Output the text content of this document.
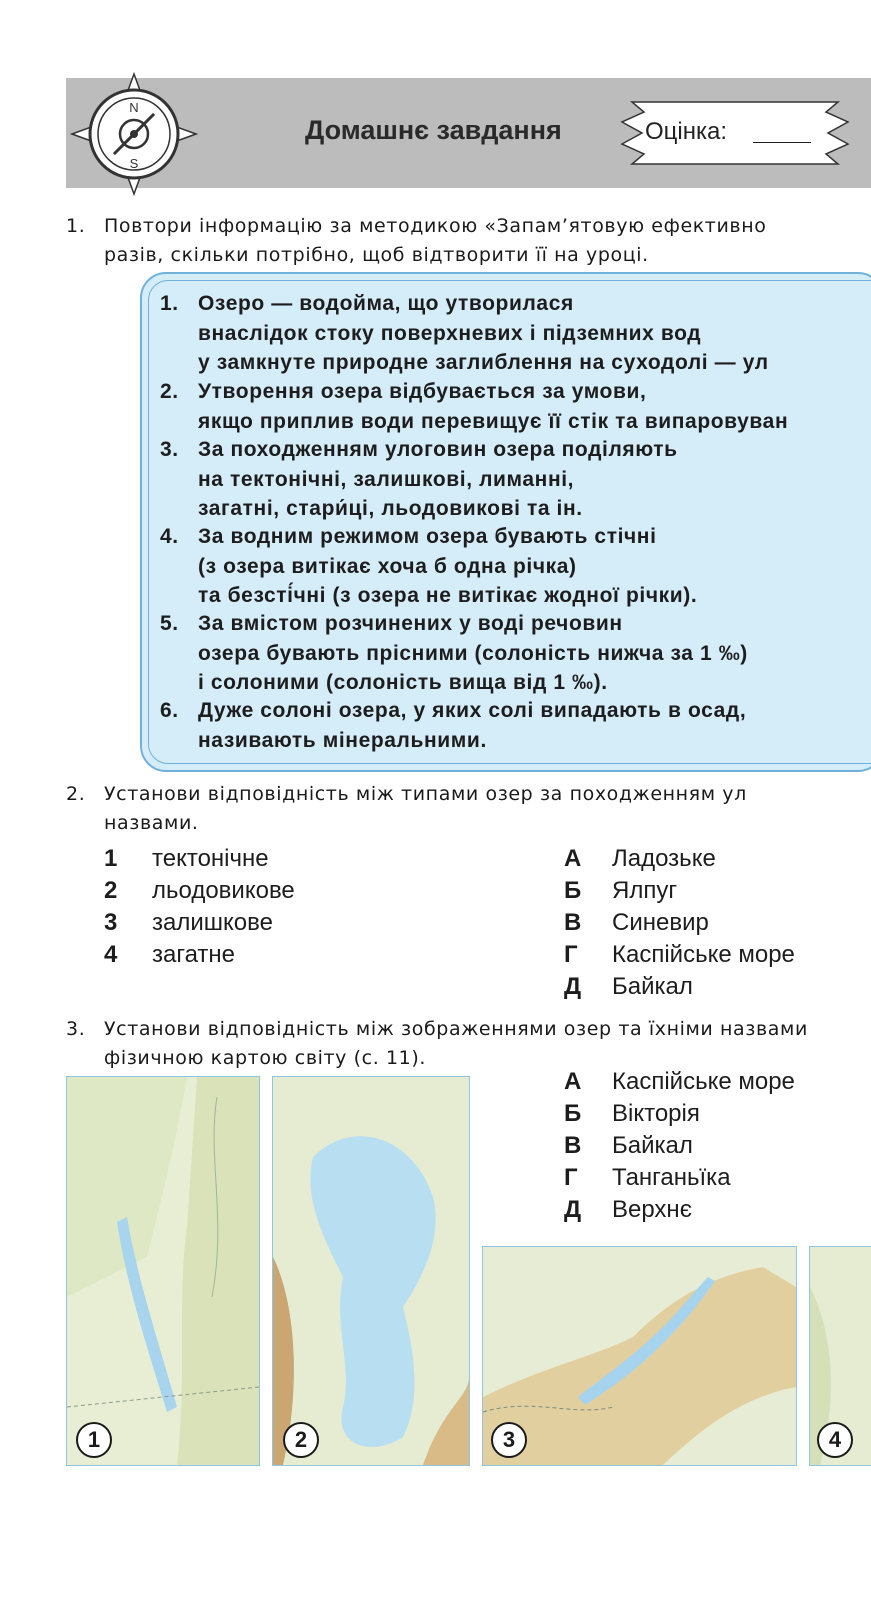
N
S
Домашнє завдання	Оцінка:
1. Повтори інформацію за методикою «Запам’ятовую ефективно
разів, скільки потрібно, щоб відтворити її на уроці.
1. Озеро — водойма, що утворилася
внаслідок стоку поверхневих і підземних вод
у замкнуте природне заглиблення на суходолі — ул
2. Утворення озера відбувається за умови,
якщо приплив води перевищує її стік та випаровуван
3. За походженням улоговин озера поділяють
на тектонічні, залишкові, лиманні,
загатні, стари́ці, льодовикові та ін.
4. За водним режимом озера бувають стічні
(з озера витікає хоча б одна річка)
та безсті́чні (з озера не витікає жодної річки).
5. За вмістом розчинених у воді речовин
озера бувають прісними (солоність нижча за 1 ‰)
і солоними (солоність вища від 1 ‰).
6. Дуже солоні озера, у яких солі випадають в осад,
називають мінеральними.
2. Установи відповідність між типами озер за походженням ул
назвами.
1 тектонічне
2 льодовикове
3 залишкове
4 загатне
А Ладозьке
Б Ялпуг
В Синевир
Г Каспійське море
Д Байкал
3. Установи відповідність між зображеннями озер та їхніми назвами
фізичною картою світу (с. 11).
А Каспійське море
Б Вікторія
В Байкал
Г Танганьїка
Д Верхнє
1	2	3	4
